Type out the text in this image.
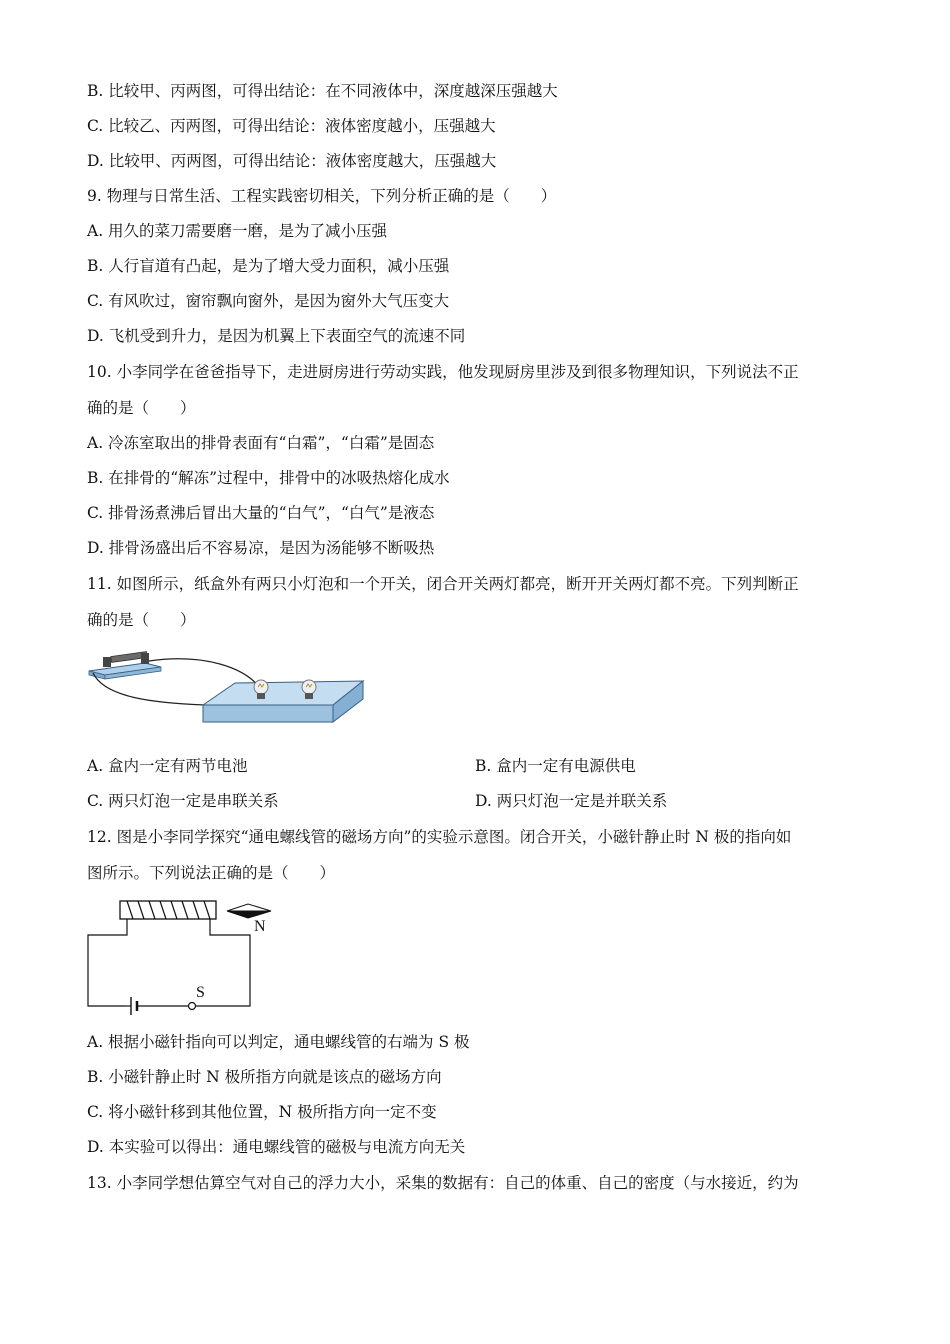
B. 比较甲、丙两图，可得出结论：在不同液体中，深度越深压强越大
C. 比较乙、丙两图，可得出结论：液体密度越小，压强越大
D. 比较甲、丙两图，可得出结论：液体密度越大，压强越大
9. 物理与日常生活、工程实践密切相关，下列分析正确的是（　　）
A. 用久的菜刀需要磨一磨，是为了减小压强
B. 人行盲道有凸起，是为了增大受力面积，减小压强
C. 有风吹过，窗帘飘向窗外，是因为窗外大气压变大
D. 飞机受到升力，是因为机翼上下表面空气的流速不同
10. 小李同学在爸爸指导下，走进厨房进行劳动实践，他发现厨房里涉及到很多物理知识，下列说法不正
确的是（　　）
A. 冷冻室取出的排骨表面有“白霜”，“白霜”是固态
B. 在排骨的“解冻”过程中，排骨中的冰吸热熔化成水
C. 排骨汤煮沸后冒出大量的“白气”，“白气”是液态
D. 排骨汤盛出后不容易凉，是因为汤能够不断吸热
11. 如图所示，纸盒外有两只小灯泡和一个开关，闭合开关两灯都亮，断开开关两灯都不亮。下列判断正
确的是（　　）
A. 盒内一定有两节电池	B. 盒内一定有电源供电
C. 两只灯泡一定是串联关系	D. 两只灯泡一定是并联关系
12. 图是小李同学探究“通电螺线管的磁场方向”的实验示意图。闭合开关，小磁针静止时 N 极的指向如
图所示。下列说法正确的是（　　）
S
N
A. 根据小磁针指向可以判定，通电螺线管的右端为 S 极
B. 小磁针静止时 N 极所指方向就是该点的磁场方向
C. 将小磁针移到其他位置，N 极所指方向一定不变
D. 本实验可以得出：通电螺线管的磁极与电流方向无关
13. 小李同学想估算空气对自己的浮力大小，采集的数据有：自己的体重、自己的密度（与水接近，约为
